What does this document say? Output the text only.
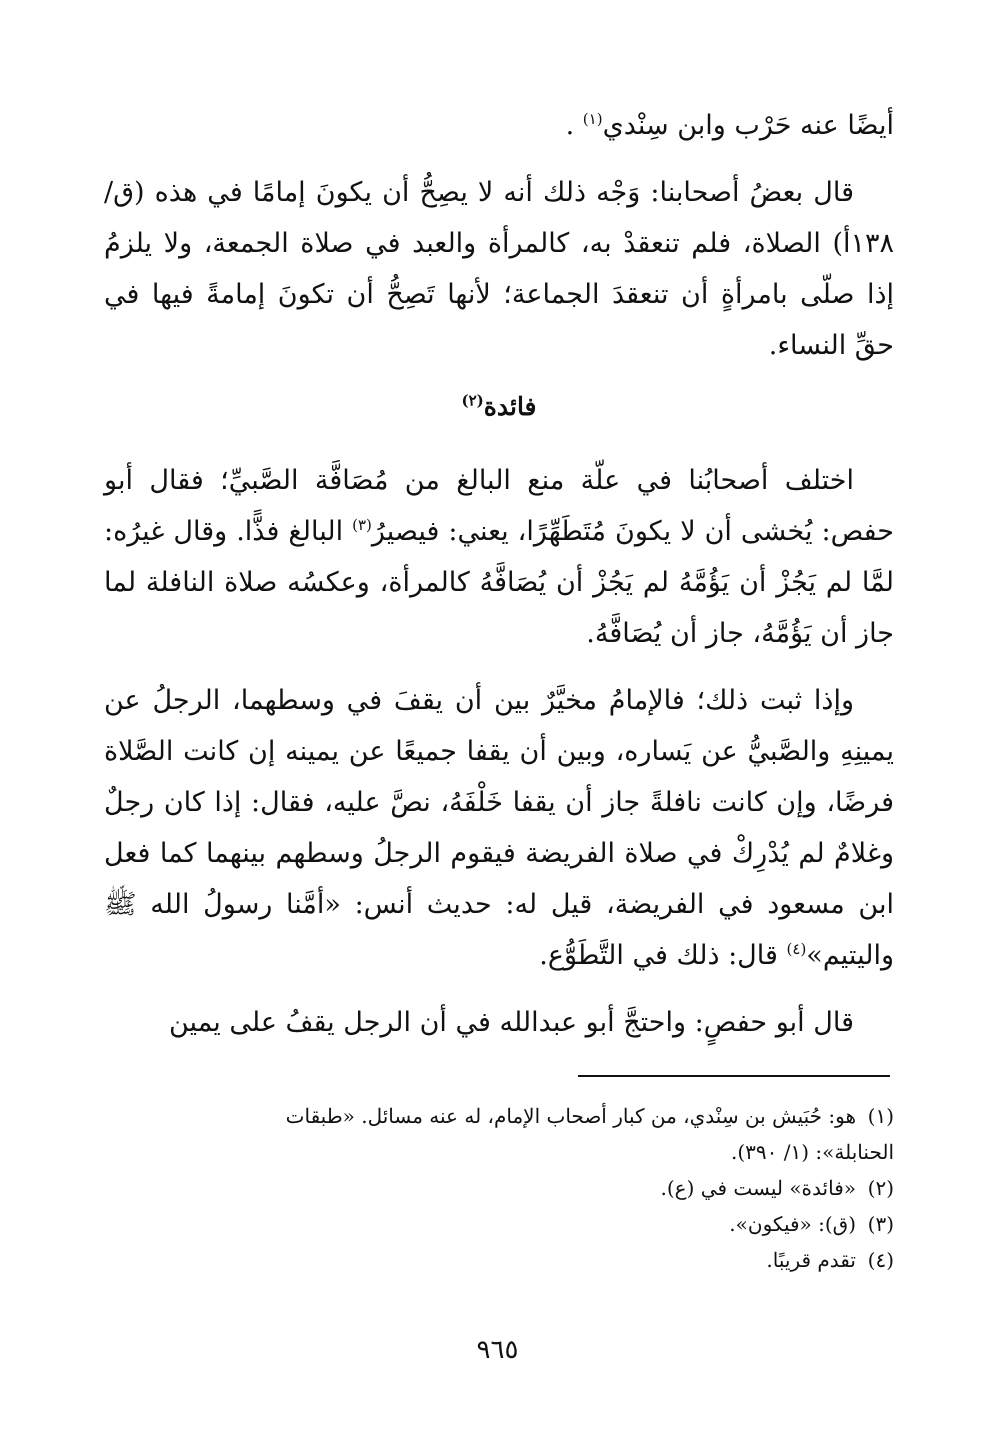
أيضًا عنه حَرْب وابن سِنْدي$^{(١)}$ .

قال بعضُ أصحابنا: وَجْه ذلك أنه لا يصِحُّ أن يكونَ إمامًا في هذه (ق/١٣٨أ) الصلاة، فلم تنعقدْ به، كالمرأة والعبد في صلاة الجمعة، ولا يلزمُ إذا صلّى بامرأةٍ أن تنعقدَ الجماعة؛ لأنها تَصِحُّ أن تكونَ إمامةً فيها في حقِّ النساء.

فائدة$^{(٢)}$

اختلف أصحابُنا في علّة منع البالغ من مُصَافَّة الصَّبيِّ؛ فقال أبو حفص: يُخشى أن لا يكونَ مُتَطَهِّرًا، يعني: فيصيرُ$^{(٣)}$ البالغ فذًّا. وقال غيرُه: لمَّا لم يَجُزْ أن يَؤُمَّهُ لم يَجُزْ أن يُصَافَّهُ كالمرأة، وعكسُه صلاة النافلة لما جاز أن يَؤُمَّهُ، جاز أن يُصَافَّهُ.

وإذا ثبت ذلك؛ فالإمامُ مخيَّرٌ بين أن يقفَ في وسطهما، الرجلُ عن يمينِهِ والصَّبيُّ عن يَساره، وبين أن يقفا جميعًا عن يمينه إن كانت الصَّلاة فرضًا، وإن كانت نافلةً جاز أن يقفا خَلْفَهُ، نصَّ عليه، فقال: إذا كان رجلٌ وغلامٌ لم يُدْرِكْ في صلاة الفريضة فيقوم الرجلُ وسطهم بينهما كما فعل ابن مسعود في الفريضة، قيل له: حديث أنس: «أمَّنا رسولُ الله ﷺ واليتيم»$^{(٤)}$ قال: ذلك في التَّطَوُّع.

قال أبو حفصٍ: واحتجَّ أبو عبدالله في أن الرجل يقفُ على يمين

(١)هو: حُبَيش بن سِنْدي، من كبار أصحاب الإمام، له عنه مسائل. «طبقات

الحنابلة»: (١/ ٣٩٠).

(٢)«فائدة» ليست في (ع).

(٣)(ق): «فيكون».

(٤)تقدم قريبًا.

٩٦٥
